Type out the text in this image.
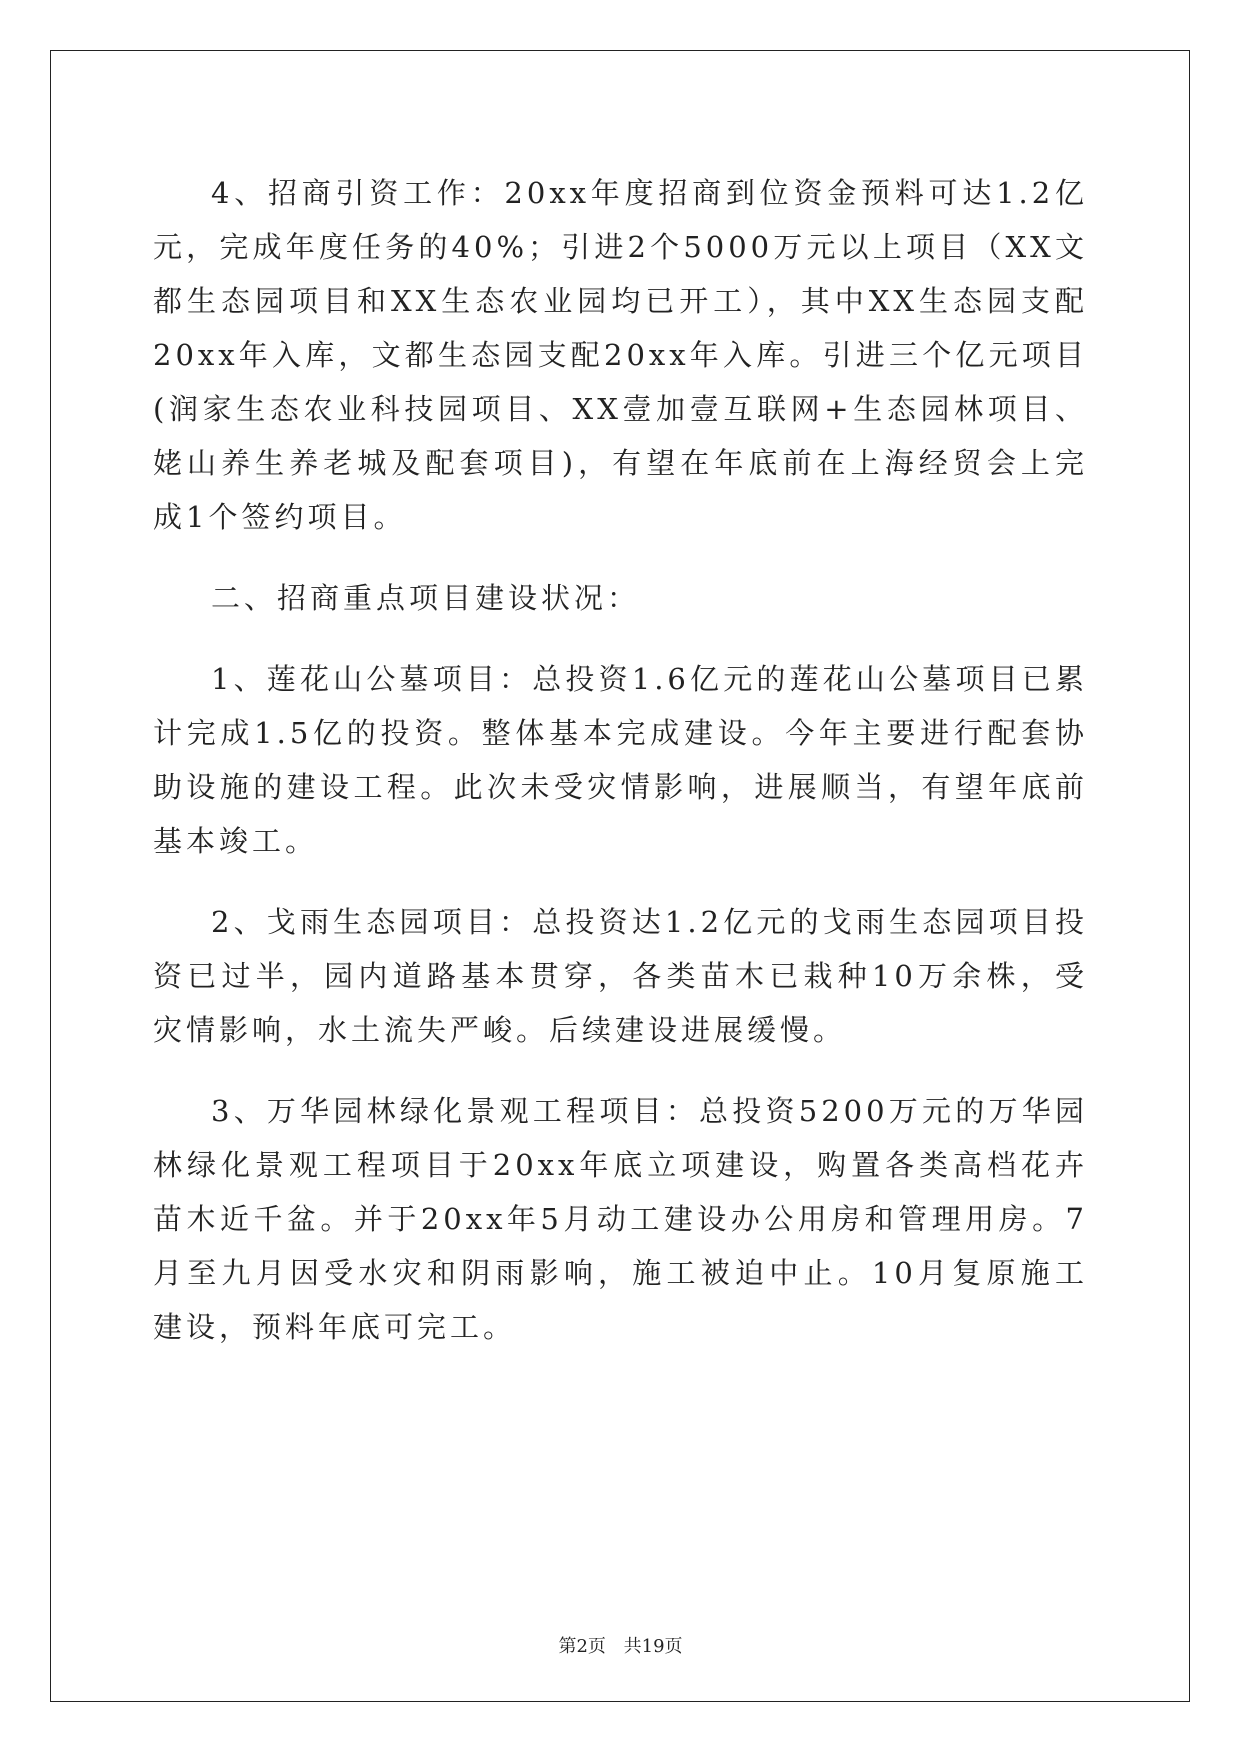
4、招商引资工作：20xx年度招商到位资金预料可达1.2亿元，完成年度任务的40%；引进2个5000万元以上项目（XX文都生态园项目和XX生态农业园均已开工），其中XX生态园支配20xx年入库，文都生态园支配20xx年入库。引进三个亿元项目(润家生态农业科技园项目、XX壹加壹互联网+生态园林项目、姥山养生养老城及配套项目)，有望在年底前在上海经贸会上完成1个签约项目。

二、招商重点项目建设状况：

1、莲花山公墓项目：总投资1.6亿元的莲花山公墓项目已累计完成1.5亿的投资。整体基本完成建设。今年主要进行配套协助设施的建设工程。此次未受灾情影响，进展顺当，有望年底前基本竣工。

2、戈雨生态园项目：总投资达1.2亿元的戈雨生态园项目投资已过半，园内道路基本贯穿，各类苗木已栽种10万余株，受灾情影响，水土流失严峻。后续建设进展缓慢。

3、万华园林绿化景观工程项目：总投资5200万元的万华园林绿化景观工程项目于20xx年底立项建设，购置各类高档花卉苗木近千盆。并于20xx年5月动工建设办公用房和管理用房。7月至九月因受水灾和阴雨影响，施工被迫中止。10月复原施工建设，预料年底可完工。

第2页 共19页
